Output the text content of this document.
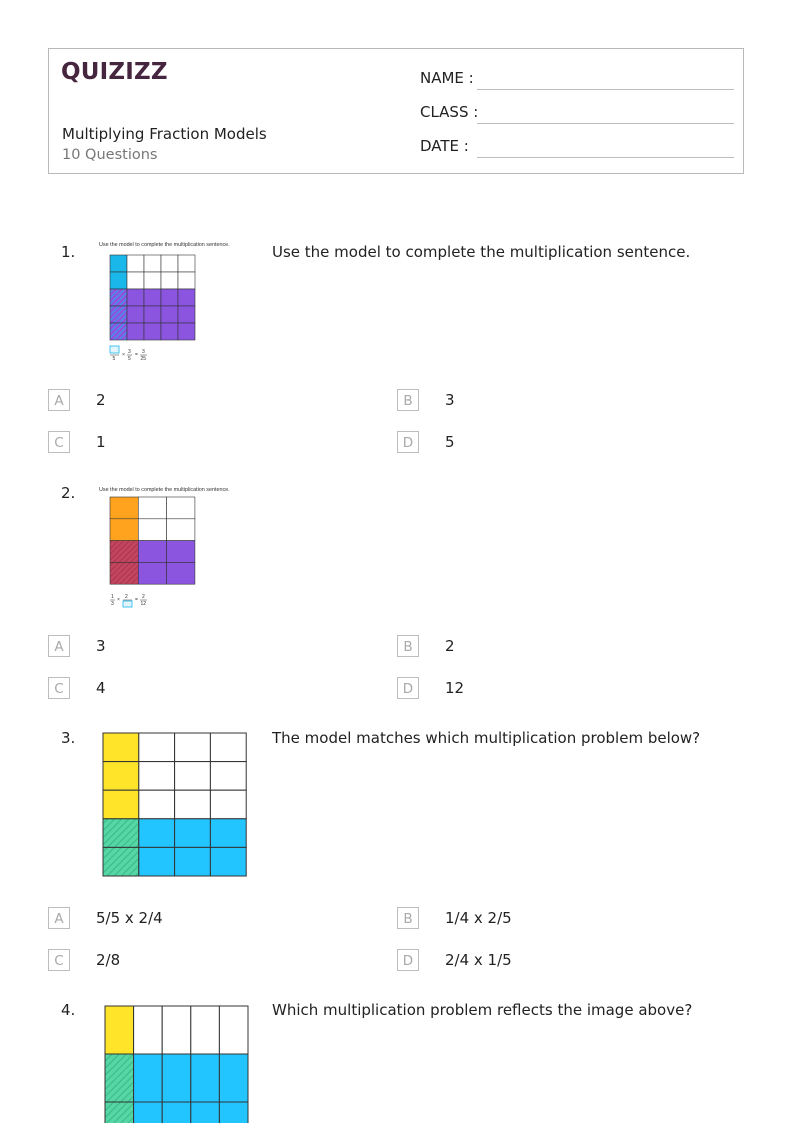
QUIZIZZ
Multiplying Fraction Models
10 Questions
NAME :
CLASS :
DATE :
1.	Use the model to complete the multiplication sentence.
5
× 3
5
= 3
25
Use the model to complete the multiplication sentence.
A	2	B	3
C	1	D	5
2.	Use the model to complete the multiplication sentence.
1
3
× 2 = 2
12
A	3	B	2
C	4	D	12
3.	The model matches which multiplication problem below?
A	5/5 x 2/4	B	1/4 x 2/5
C	2/8	D	2/4 x 1/5
4.	Which multiplication problem reflects the image above?
